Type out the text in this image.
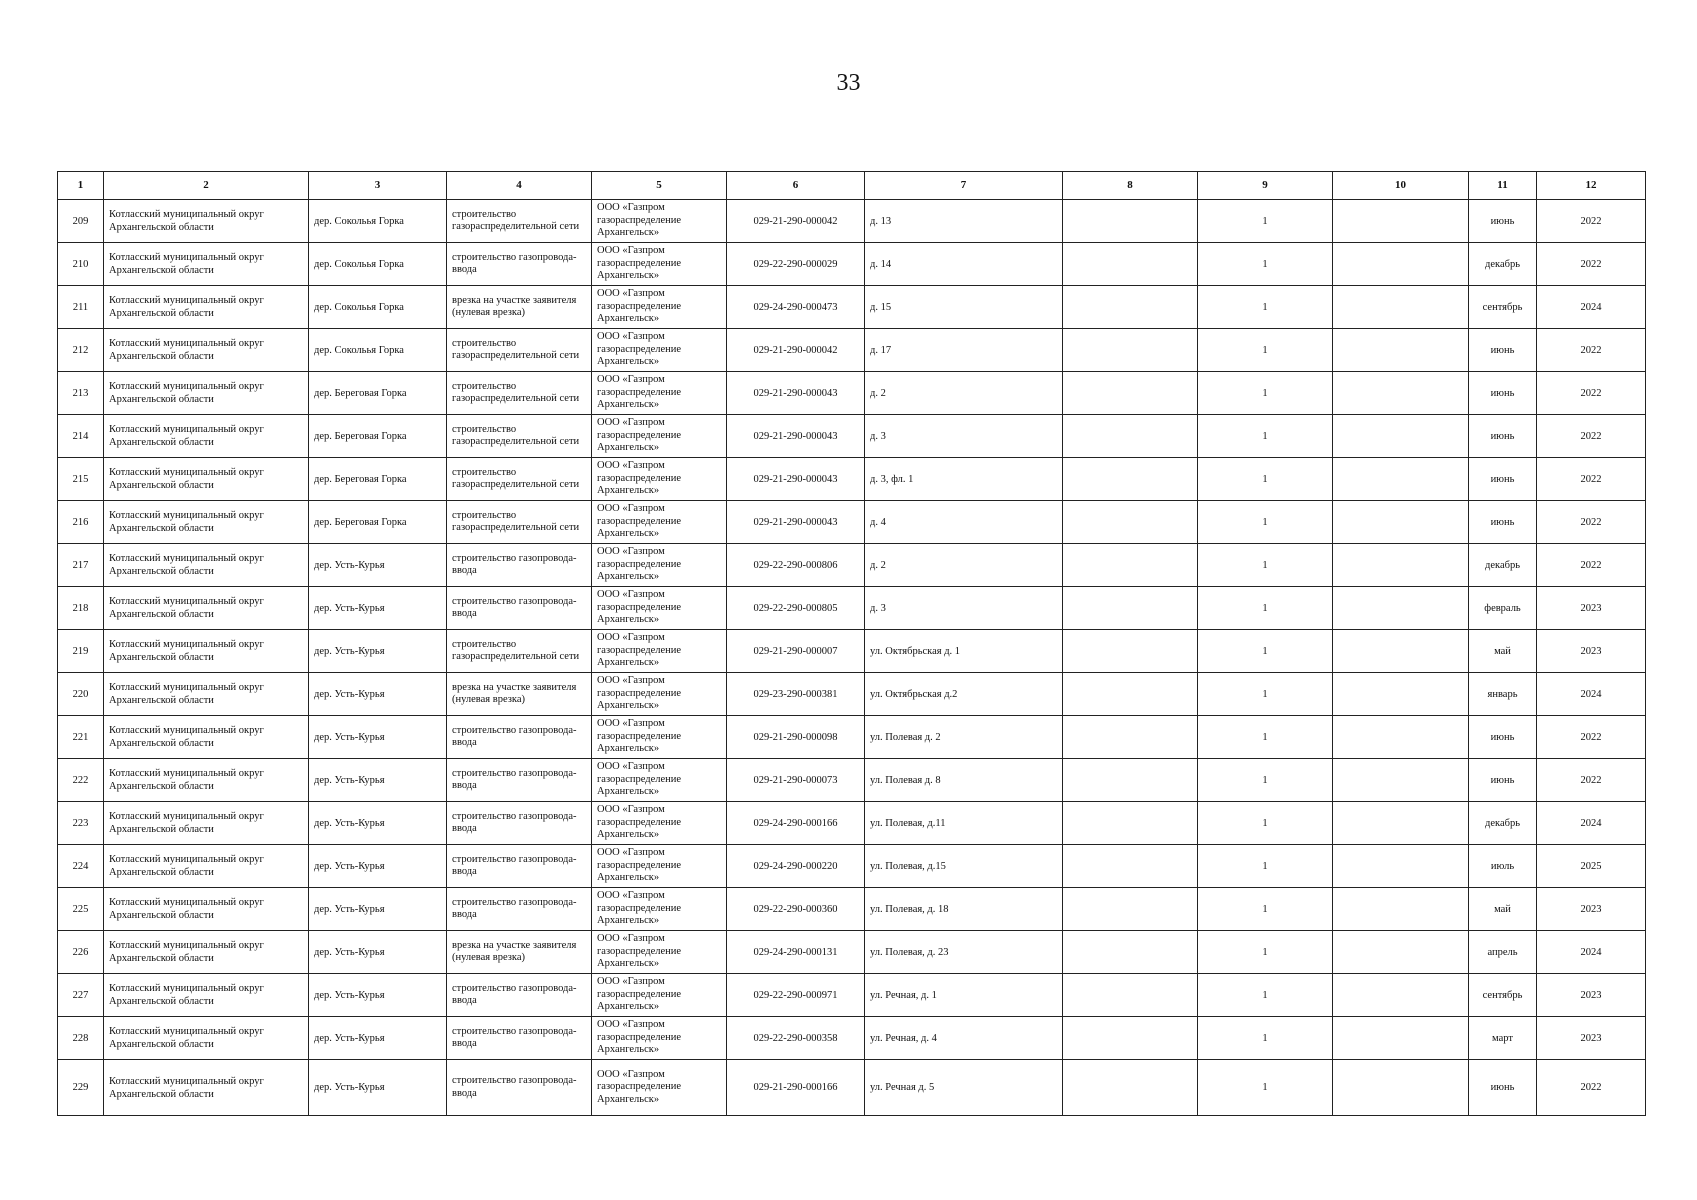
33
1	2	3	4	5	6	7	8	9	10	11	12
209	Котласский муниципальный округ Архангельской области	дер. Сокольья Горка	строительство газораспределительной сети	ООО «Газпром газораспределение Архангельск»	029-21-290-000042	д. 13		1		июнь	2022
210	Котласский муниципальный округ Архангельской области	дер. Сокольья Горка	строительство газопровода-ввода	ООО «Газпром газораспределение Архангельск»	029-22-290-000029	д. 14		1		декабрь	2022
211	Котласский муниципальный округ Архангельской области	дер. Сокольья Горка	врезка на участке заявителя (нулевая врезка)	ООО «Газпром газораспределение Архангельск»	029-24-290-000473	д. 15		1		сентябрь	2024
212	Котласский муниципальный округ Архангельской области	дер. Сокольья Горка	строительство газораспределительной сети	ООО «Газпром газораспределение Архангельск»	029-21-290-000042	д. 17		1		июнь	2022
213	Котласский муниципальный округ Архангельской области	дер. Береговая Горка	строительство газораспределительной сети	ООО «Газпром газораспределение Архангельск»	029-21-290-000043	д. 2		1		июнь	2022
214	Котласский муниципальный округ Архангельской области	дер. Береговая Горка	строительство газораспределительной сети	ООО «Газпром газораспределение Архангельск»	029-21-290-000043	д. 3		1		июнь	2022
215	Котласский муниципальный округ Архангельской области	дер. Береговая Горка	строительство газораспределительной сети	ООО «Газпром газораспределение Архангельск»	029-21-290-000043	д. 3, фл. 1		1		июнь	2022
216	Котласский муниципальный округ Архангельской области	дер. Береговая Горка	строительство газораспределительной сети	ООО «Газпром газораспределение Архангельск»	029-21-290-000043	д. 4		1		июнь	2022
217	Котласский муниципальный округ Архангельской области	дер. Усть-Курья	строительство газопровода-ввода	ООО «Газпром газораспределение Архангельск»	029-22-290-000806	д. 2		1		декабрь	2022
218	Котласский муниципальный округ Архангельской области	дер. Усть-Курья	строительство газопровода-ввода	ООО «Газпром газораспределение Архангельск»	029-22-290-000805	д. 3		1		февраль	2023
219	Котласский муниципальный округ Архангельской области	дер. Усть-Курья	строительство газораспределительной сети	ООО «Газпром газораспределение Архангельск»	029-21-290-000007	ул. Октябрьская д. 1		1		май	2023
220	Котласский муниципальный округ Архангельской области	дер. Усть-Курья	врезка на участке заявителя (нулевая врезка)	ООО «Газпром газораспределение Архангельск»	029-23-290-000381	ул. Октябрьская д.2		1		январь	2024
221	Котласский муниципальный округ Архангельской области	дер. Усть-Курья	строительство газопровода-ввода	ООО «Газпром газораспределение Архангельск»	029-21-290-000098	ул. Полевая д. 2		1		июнь	2022
222	Котласский муниципальный округ Архангельской области	дер. Усть-Курья	строительство газопровода-ввода	ООО «Газпром газораспределение Архангельск»	029-21-290-000073	ул. Полевая д. 8		1		июнь	2022
223	Котласский муниципальный округ Архангельской области	дер. Усть-Курья	строительство газопровода-ввода	ООО «Газпром газораспределение Архангельск»	029-24-290-000166	ул. Полевая, д.11		1		декабрь	2024
224	Котласский муниципальный округ Архангельской области	дер. Усть-Курья	строительство газопровода-ввода	ООО «Газпром газораспределение Архангельск»	029-24-290-000220	ул. Полевая, д.15		1		июль	2025
225	Котласский муниципальный округ Архангельской области	дер. Усть-Курья	строительство газопровода-ввода	ООО «Газпром газораспределение Архангельск»	029-22-290-000360	ул. Полевая, д. 18		1		май	2023
226	Котласский муниципальный округ Архангельской области	дер. Усть-Курья	врезка на участке заявителя (нулевая врезка)	ООО «Газпром газораспределение Архангельск»	029-24-290-000131	ул. Полевая, д. 23		1		апрель	2024
227	Котласский муниципальный округ Архангельской области	дер. Усть-Курья	строительство газопровода-ввода	ООО «Газпром газораспределение Архангельск»	029-22-290-000971	ул. Речная, д. 1		1		сентябрь	2023
228	Котласский муниципальный округ Архангельской области	дер. Усть-Курья	строительство газопровода-ввода	ООО «Газпром газораспределение Архангельск»	029-22-290-000358	ул. Речная, д. 4		1		март	2023
229	Котласский муниципальный округ Архангельской области	дер. Усть-Курья	строительство газопровода-ввода	ООО «Газпром газораспределение Архангельск»	029-21-290-000166	ул. Речная д. 5		1		июнь	2022
